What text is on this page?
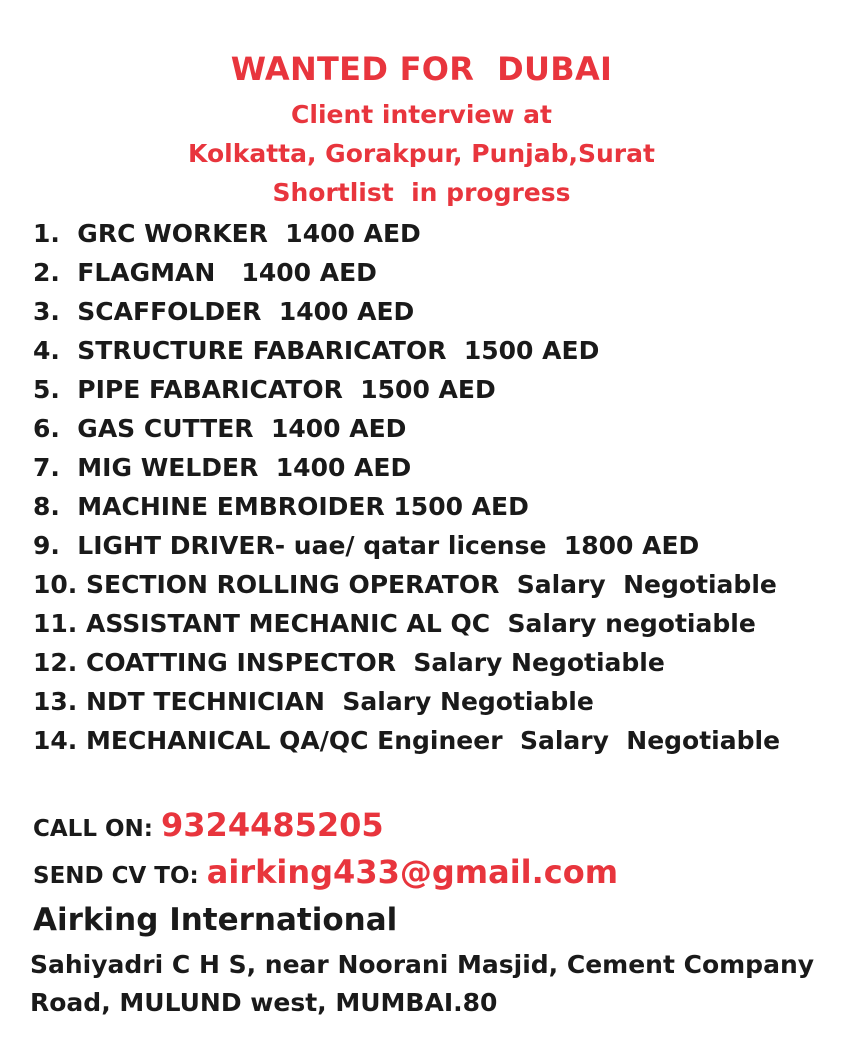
WANTED FOR  DUBAI
Client interview at
Kolkatta, Gorakpur, Punjab,Surat
Shortlist  in progress
1.  GRC WORKER  1400 AED
2.  FLAGMAN   1400 AED
3.  SCAFFOLDER  1400 AED
4.  STRUCTURE FABARICATOR  1500 AED
5.  PIPE FABARICATOR  1500 AED
6.  GAS CUTTER  1400 AED
7.  MIG WELDER  1400 AED
8.  MACHINE EMBROIDER 1500 AED
9.  LIGHT DRIVER- uae/ qatar license  1800 AED
10. SECTION ROLLING OPERATOR  Salary  Negotiable
11. ASSISTANT MECHANIC AL QC  Salary negotiable
12. COATTING INSPECTOR  Salary Negotiable
13. NDT TECHNICIAN  Salary Negotiable
14. MECHANICAL QA/QC Engineer  Salary  Negotiable
CALL ON: 9324485205
SEND CV TO: airking433@gmail.com
Airking International
Sahiyadri C H S, near Noorani Masjid, Cement Company
Road, MULUND west, MUMBAI.80
